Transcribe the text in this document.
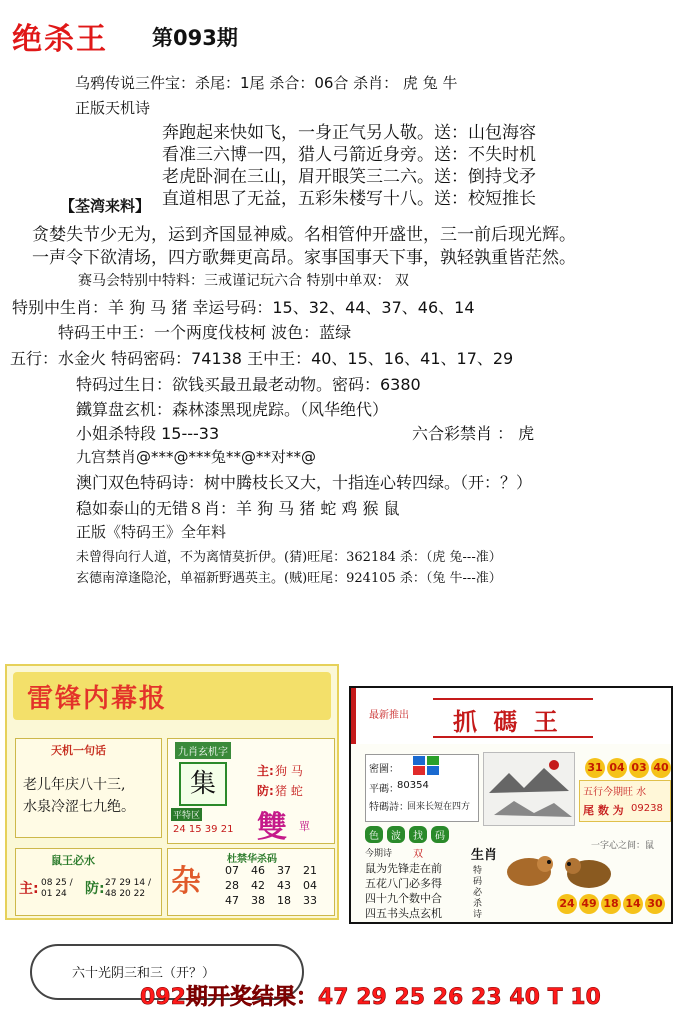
绝杀王 第093期
乌鸦传说三件宝：杀尾：1尾 杀合：06合 杀肖： 虎 兔 牛
正版天机诗
奔跑起来快如飞，一身正气另人敬。送：山包海容
看准三六博一四，猎人弓箭近身旁。送：不失时机
老虎卧洞在三山，眉开眼笑三二六。送：倒持戈矛
直道相思了无益，五彩朱楼写十八。送：校短推长
【荃湾来料】
贪婪失节少无为，运到齐国显神威。名相管仲开盛世，三一前后现光辉。
一声令下欲清场，四方歌舞更高昂。家事国事天下事，孰轻孰重皆茫然。
赛马会特别中特料：三戒谨记玩六合 特别中单双： 双
特别中生肖：羊 狗 马 猪 幸运号码：15、32、44、37、46、14
特码王中王：一个两度伐枝柯 波色：蓝绿
五行：水金火 特码密码：74138 王中王：40、15、16、41、17、29
特码过生日：欲钱买最丑最老动物。密码：6380
鐵算盘玄机：森林漆黑现虎踪。（风华绝代）
小姐杀特段 15---33	六合彩禁肖 ： 虎
九宫禁肖@***@***兔**@**对**@
澳门双色特码诗：树中腾枝长又大，十指连心转四绿。（开：？）
稳如泰山的无错８肖：羊 狗 马 猪 蛇 鸡 猴 鼠
正版《特码王》全年料
未曾得向行人道，不为离情莫折伊。(猜)旺尾：362184 杀：（虎 兔---准）
玄德南漳逢隐沦，单福新野遇英主。(贼)旺尾：924105 杀：（兔 牛---准）
雷锋内幕报
天机一句话
老儿年庆八十三,
水泉冷涩七九绝。
九肖玄机字
集	主: 狗 马
防: 猪 蛇
平特区
24 15 39 21 雙 單
鼠王必水
主: 08 25 / 01 24	防: 27 29 14 / 48 20 22 杂
杜禁华杀码
07	46	37	21
28	42	43	04
47	38	18	33
最新推出 抓 碼 王
密圖：
平碼：
80354
特碼詩：
回来长短在四方
31 04 03 40
五行今期旺 水
尾 数 为 09238
色	波	找	码
一字心之间：鼠
今期诗 双
鼠为先锋走在前
五花八门必多得
四十九个数中合
四五书头点玄机
生肖
特码必杀诗
24 49 18 14 30
六十光阴三和三（开？）
092期开奖结果：47 29 25 26 23 40 T 10
